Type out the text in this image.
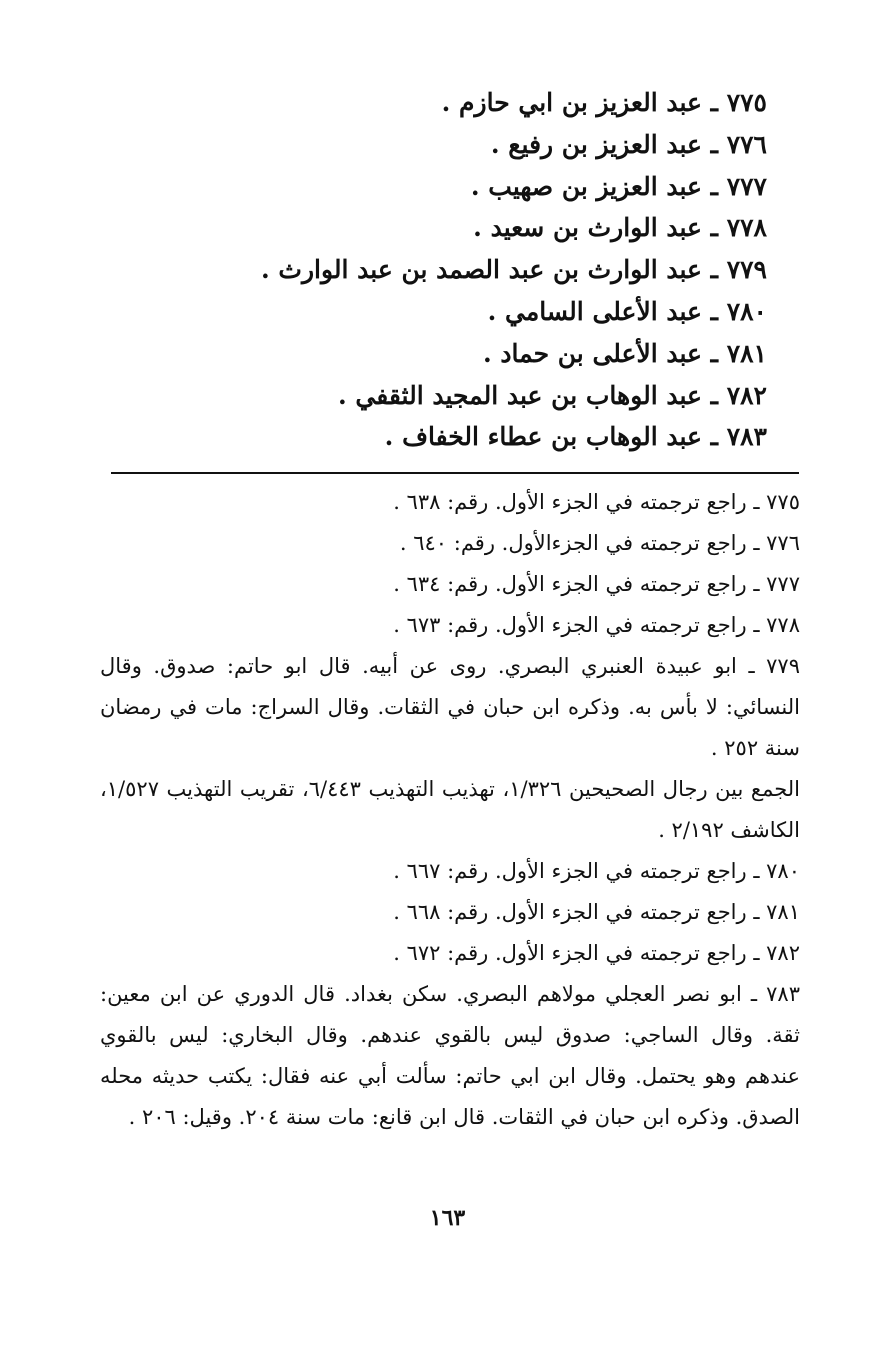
٧٧٥ ـ عبد العزيز بن ابي حازم .
٧٧٦ ـ عبد العزيز بن رفيع .
٧٧٧ ـ عبد العزيز بن صهيب .
٧٧٨ ـ عبد الوارث بن سعيد .
٧٧٩ ـ عبد الوارث بن عبد الصمد بن عبد الوارث .
٧٨٠ ـ عبد الأعلى السامي .
٧٨١ ـ عبد الأعلى بن حماد .
٧٨٢ ـ عبد الوهاب بن عبد المجيد الثقفي .
٧٨٣ ـ عبد الوهاب بن عطاء الخفاف .
٧٧٥ ـ راجع ترجمته في الجزء الأول. رقم: ٦٣٨ .
٧٧٦ ـ راجع ترجمته في الجزءالأول. رقم: ٦٤٠ .
٧٧٧ ـ راجع ترجمته في الجزء الأول. رقم: ٦٣٤ .
٧٧٨ ـ راجع ترجمته في الجزء الأول. رقم: ٦٧٣ .

٧٧٩ ـ ابو عبيدة العنبري البصري. روى عن أبيه. قال ابو حاتم: صدوق. وقال النسائي: لا بأس به. وذكره ابن حبان في الثقات. وقال السراج: مات في رمضان سنة ٢٥٢ .

الجمع بين رجال الصحيحين ١/٣٢٦، تهذيب التهذيب ٦/٤٤٣، تقريب التهذيب ١/٥٢٧، الكاشف ٢/١٩٢ .

٧٨٠ ـ راجع ترجمته في الجزء الأول. رقم: ٦٦٧ .
٧٨١ ـ راجع ترجمته في الجزء الأول. رقم: ٦٦٨ .
٧٨٢ ـ راجع ترجمته في الجزء الأول. رقم: ٦٧٢ .

٧٨٣ ـ ابو نصر العجلي مولاهم البصري. سكن بغداد. قال الدوري عن ابن معين: ثقة. وقال الساجي: صدوق ليس بالقوي عندهم. وقال البخاري: ليس بالقوي عندهم وهو يحتمل. وقال ابن ابي حاتم: سألت أبي عنه فقال: يكتب حديثه محله الصدق. وذكره ابن حبان في الثقات. قال ابن قانع: مات سنة ٢٠٤. وقيل: ٢٠٦ .

١٦٣
